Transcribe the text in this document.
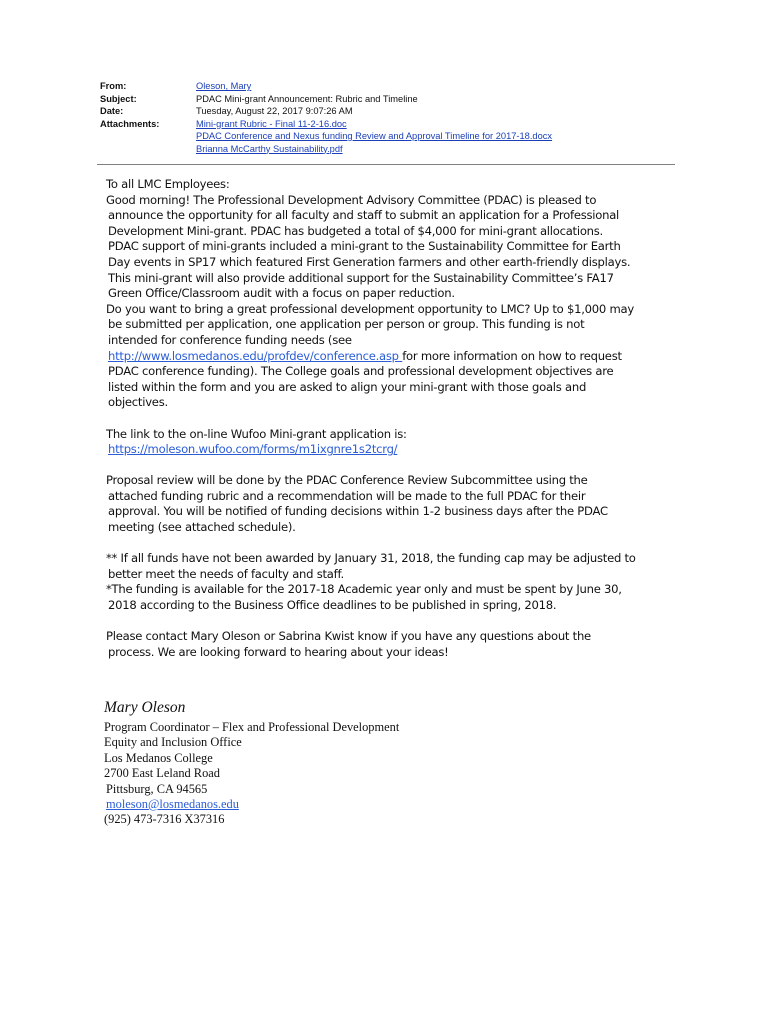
From:	Oleson, Mary
Subject:	PDAC Mini-grant Announcement: Rubric and Timeline
Date:	Tuesday, August 22, 2017 9:07:26 AM
Attachments:	Mini-grant Rubric - Final 11-2-16.doc
PDAC Conference and Nexus funding Review and Approval Timeline for 2017-18.docx
Brianna McCarthy Sustainability.pdf

To all LMC Employees:

Good morning! The Professional Development Advisory Committee (PDAC) is pleased to

announce the opportunity for all faculty and staff to submit an application for a Professional

Development Mini-grant. PDAC has budgeted a total of $4,000 for mini-grant allocations.

PDAC support of mini-grants included a mini-grant to the Sustainability Committee for Earth

Day events in SP17 which featured First Generation farmers and other earth-friendly displays.

This mini-grant will also provide additional support for the Sustainability Committee’s FA17

Green Office/Classroom audit with a focus on paper reduction.

Do you want to bring a great professional development opportunity to LMC? Up to $1,000 may

be submitted per application, one application per person or group. This funding is not

intended for conference funding needs (see

http://www.losmedanos.edu/profdev/conference.asp for more information on how to request

PDAC conference funding). The College goals and professional development objectives are

listed within the form and you are asked to align your mini-grant with those goals and

objectives.

The link to the on-line Wufoo Mini-grant application is:

https://moleson.wufoo.com/forms/m1ixgnre1s2tcrg/

Proposal review will be done by the PDAC Conference Review Subcommittee using the

attached funding rubric and a recommendation will be made to the full PDAC for their

approval. You will be notified of funding decisions within 1-2 business days after the PDAC

meeting (see attached schedule).

** If all funds have not been awarded by January 31, 2018, the funding cap may be adjusted to

better meet the needs of faculty and staff.

*The funding is available for the 2017-18 Academic year only and must be spent by June 30,

2018 according to the Business Office deadlines to be published in spring, 2018.

Please contact Mary Oleson or Sabrina Kwist know if you have any questions about the

process. We are looking forward to hearing about your ideas!

Mary Oleson
Program Coordinator – Flex and Professional Development
Equity and Inclusion Office
Los Medanos College
2700 East Leland Road
Pittsburg, CA 94565
moleson@losmedanos.edu
(925) 473-7316 X37316
